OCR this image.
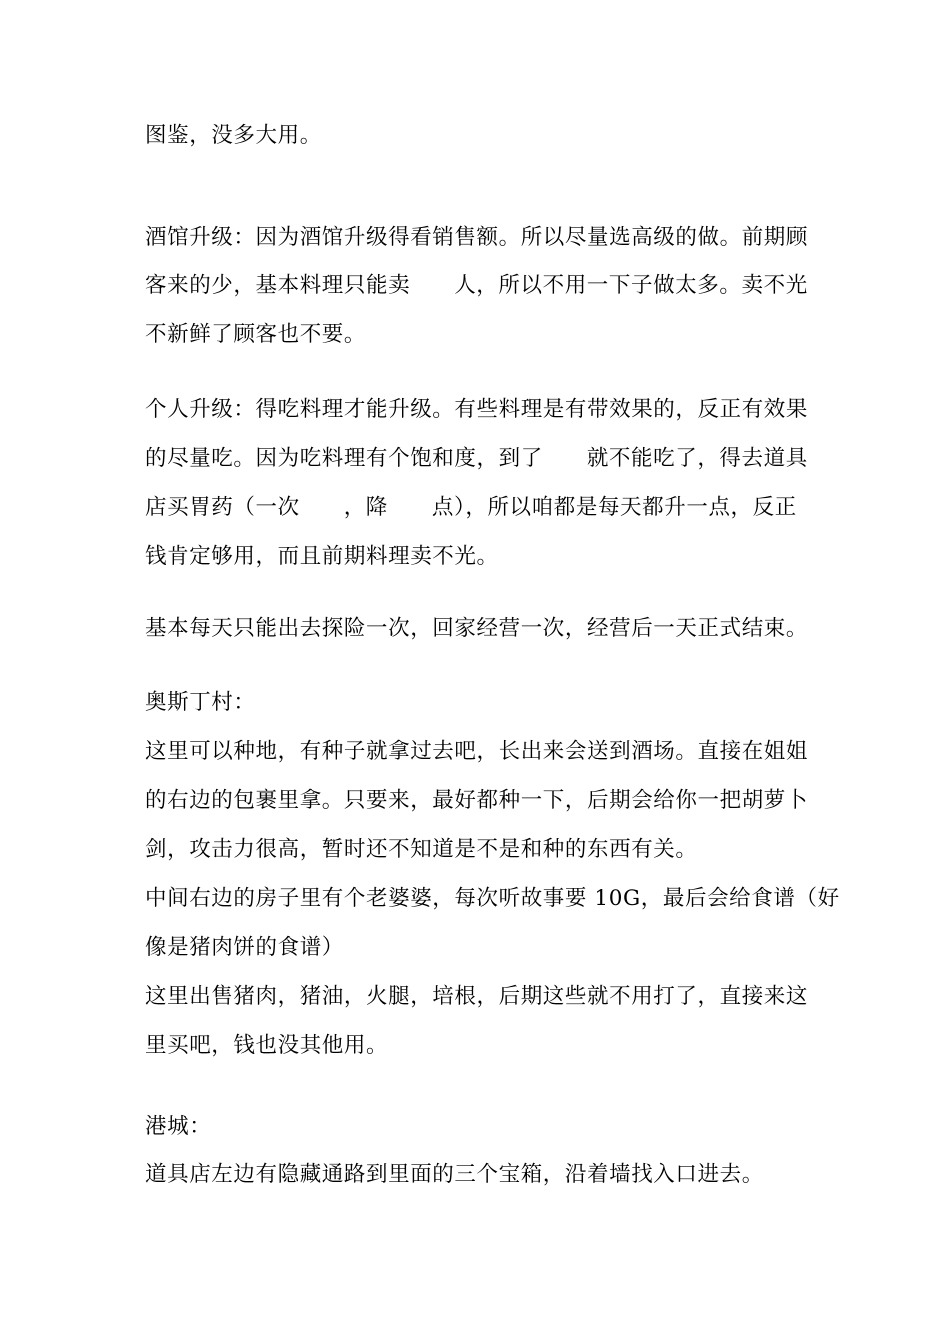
图鉴，没多大用。
酒馆升级：因为酒馆升级得看销售额。所以尽量选高级的做。前期顾
客来的少，基本料理只能卖 人，所以不用一下子做太多。卖不光
不新鲜了顾客也不要。
个人升级：得吃料理才能升级。有些料理是有带效果的，反正有效果
的尽量吃。因为吃料理有个饱和度，到了 就不能吃了，得去道具
店买胃药（一次 ，降 点），所以咱都是每天都升一点，反正
钱肯定够用，而且前期料理卖不光。
基本每天只能出去探险一次，回家经营一次，经营后一天正式结束。
奥斯丁村：
这里可以种地，有种子就拿过去吧，长出来会送到酒场。直接在姐姐
的右边的包裹里拿。只要来，最好都种一下，后期会给你一把胡萝卜
剑，攻击力很高，暂时还不知道是不是和种的东西有关。
中间右边的房子里有个老婆婆，每次听故事要 10G，最后会给食谱（好
像是猪肉饼的食谱）
这里出售猪肉，猪油，火腿，培根，后期这些就不用打了，直接来这
里买吧，钱也没其他用。
港城：
道具店左边有隐藏通路到里面的三个宝箱，沿着墙找入口进去。
